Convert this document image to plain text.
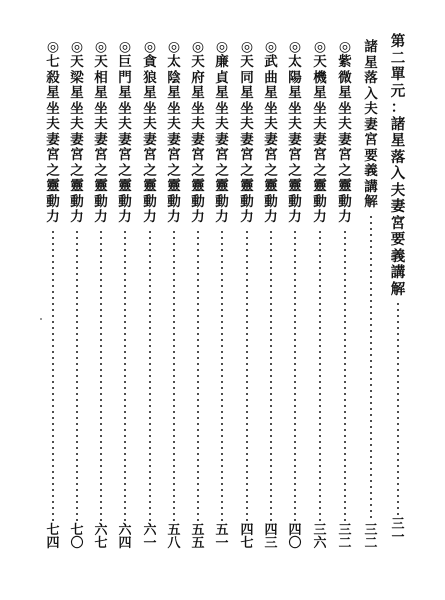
第
二
單
元
：
諸
星
落
入
夫
妻
宮
要
義
講
解
三
一
諸
星
落
入
夫
妻
宮
要
義
講
解
三
二
◎
紫
微
星
坐
夫
妻
宮
之
靈
動
力
三
二
◎
天
機
星
坐
夫
妻
宮
之
靈
動
力
三
六
◎
太
陽
星
坐
夫
妻
宮
之
靈
動
力
四
〇
◎
武
曲
星
坐
夫
妻
宮
之
靈
動
力
四
三
◎
天
同
星
坐
夫
妻
宮
之
靈
動
力
四
七
◎
廉
貞
星
坐
夫
妻
宮
之
靈
動
力
五
一
◎
天
府
星
坐
夫
妻
宮
之
靈
動
力
五
五
◎
太
陰
星
坐
夫
妻
宮
之
靈
動
力
五
八
◎
貪
狼
星
坐
夫
妻
宮
之
靈
動
力
六
一
◎
巨
門
星
坐
夫
妻
宮
之
靈
動
力
六
四
◎
天
相
星
坐
夫
妻
宮
之
靈
動
力
六
七
◎
天
梁
星
坐
夫
妻
宮
之
靈
動
力
七
〇
◎
七
殺
星
坐
夫
妻
宮
之
靈
動
力
七
四
